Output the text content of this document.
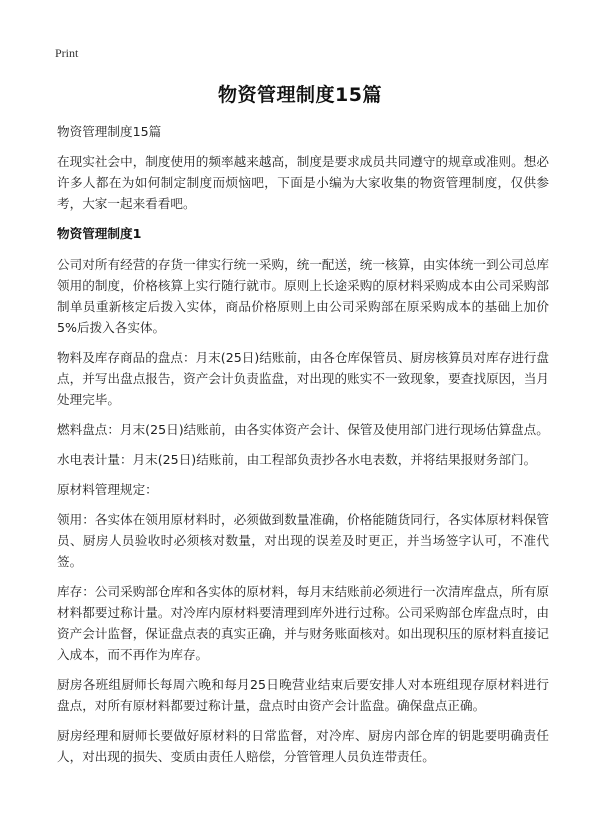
Print
物资管理制度15篇

物资管理制度15篇

在现实社会中，制度使用的频率越来越高，制度是要求成员共同遵守的规章或准则。想必许多人都在为如何制定制度而烦恼吧，下面是小编为大家收集的物资管理制度，仅供参考，大家一起来看看吧。

物资管理制度1

公司对所有经营的存货一律实行统一采购，统一配送，统一核算，由实体统一到公司总库领用的制度，价格核算上实行随行就市。原则上长途采购的原材料采购成本由公司采购部制单员重新核定后拨入实体，商品价格原则上由公司采购部在原采购成本的基础上加价5%后拨入各实体。

物料及库存商品的盘点：月末(25日)结账前，由各仓库保管员、厨房核算员对库存进行盘点，并写出盘点报告，资产会计负责监盘，对出现的账实不一致现象，要查找原因，当月处理完毕。

燃料盘点：月末(25日)结账前，由各实体资产会计、保管及使用部门进行现场估算盘点。

水电表计量：月末(25日)结账前，由工程部负责抄各水电表数，并将结果报财务部门。

原材料管理规定：

领用：各实体在领用原材料时，必须做到数量准确，价格能随货同行，各实体原材料保管员、厨房人员验收时必须核对数量，对出现的误差及时更正，并当场签字认可，不准代签。

库存：公司采购部仓库和各实体的原材料，每月末结账前必须进行一次清库盘点，所有原材料都要过称计量。对冷库内原材料要清理到库外进行过称。公司采购部仓库盘点时，由资产会计监督，保证盘点表的真实正确，并与财务账面核对。如出现积压的原材料直接记入成本，而不再作为库存。

厨房各班组厨师长每周六晚和每月25日晚营业结束后要安排人对本班组现存原材料进行盘点，对所有原材料都要过称计量，盘点时由资产会计监盘。确保盘点正确。

厨房经理和厨师长要做好原材料的日常监督，对冷库、厨房内部仓库的钥匙要明确责任人，对出现的损失、变质由责任人赔偿，分管管理人员负连带责任。
